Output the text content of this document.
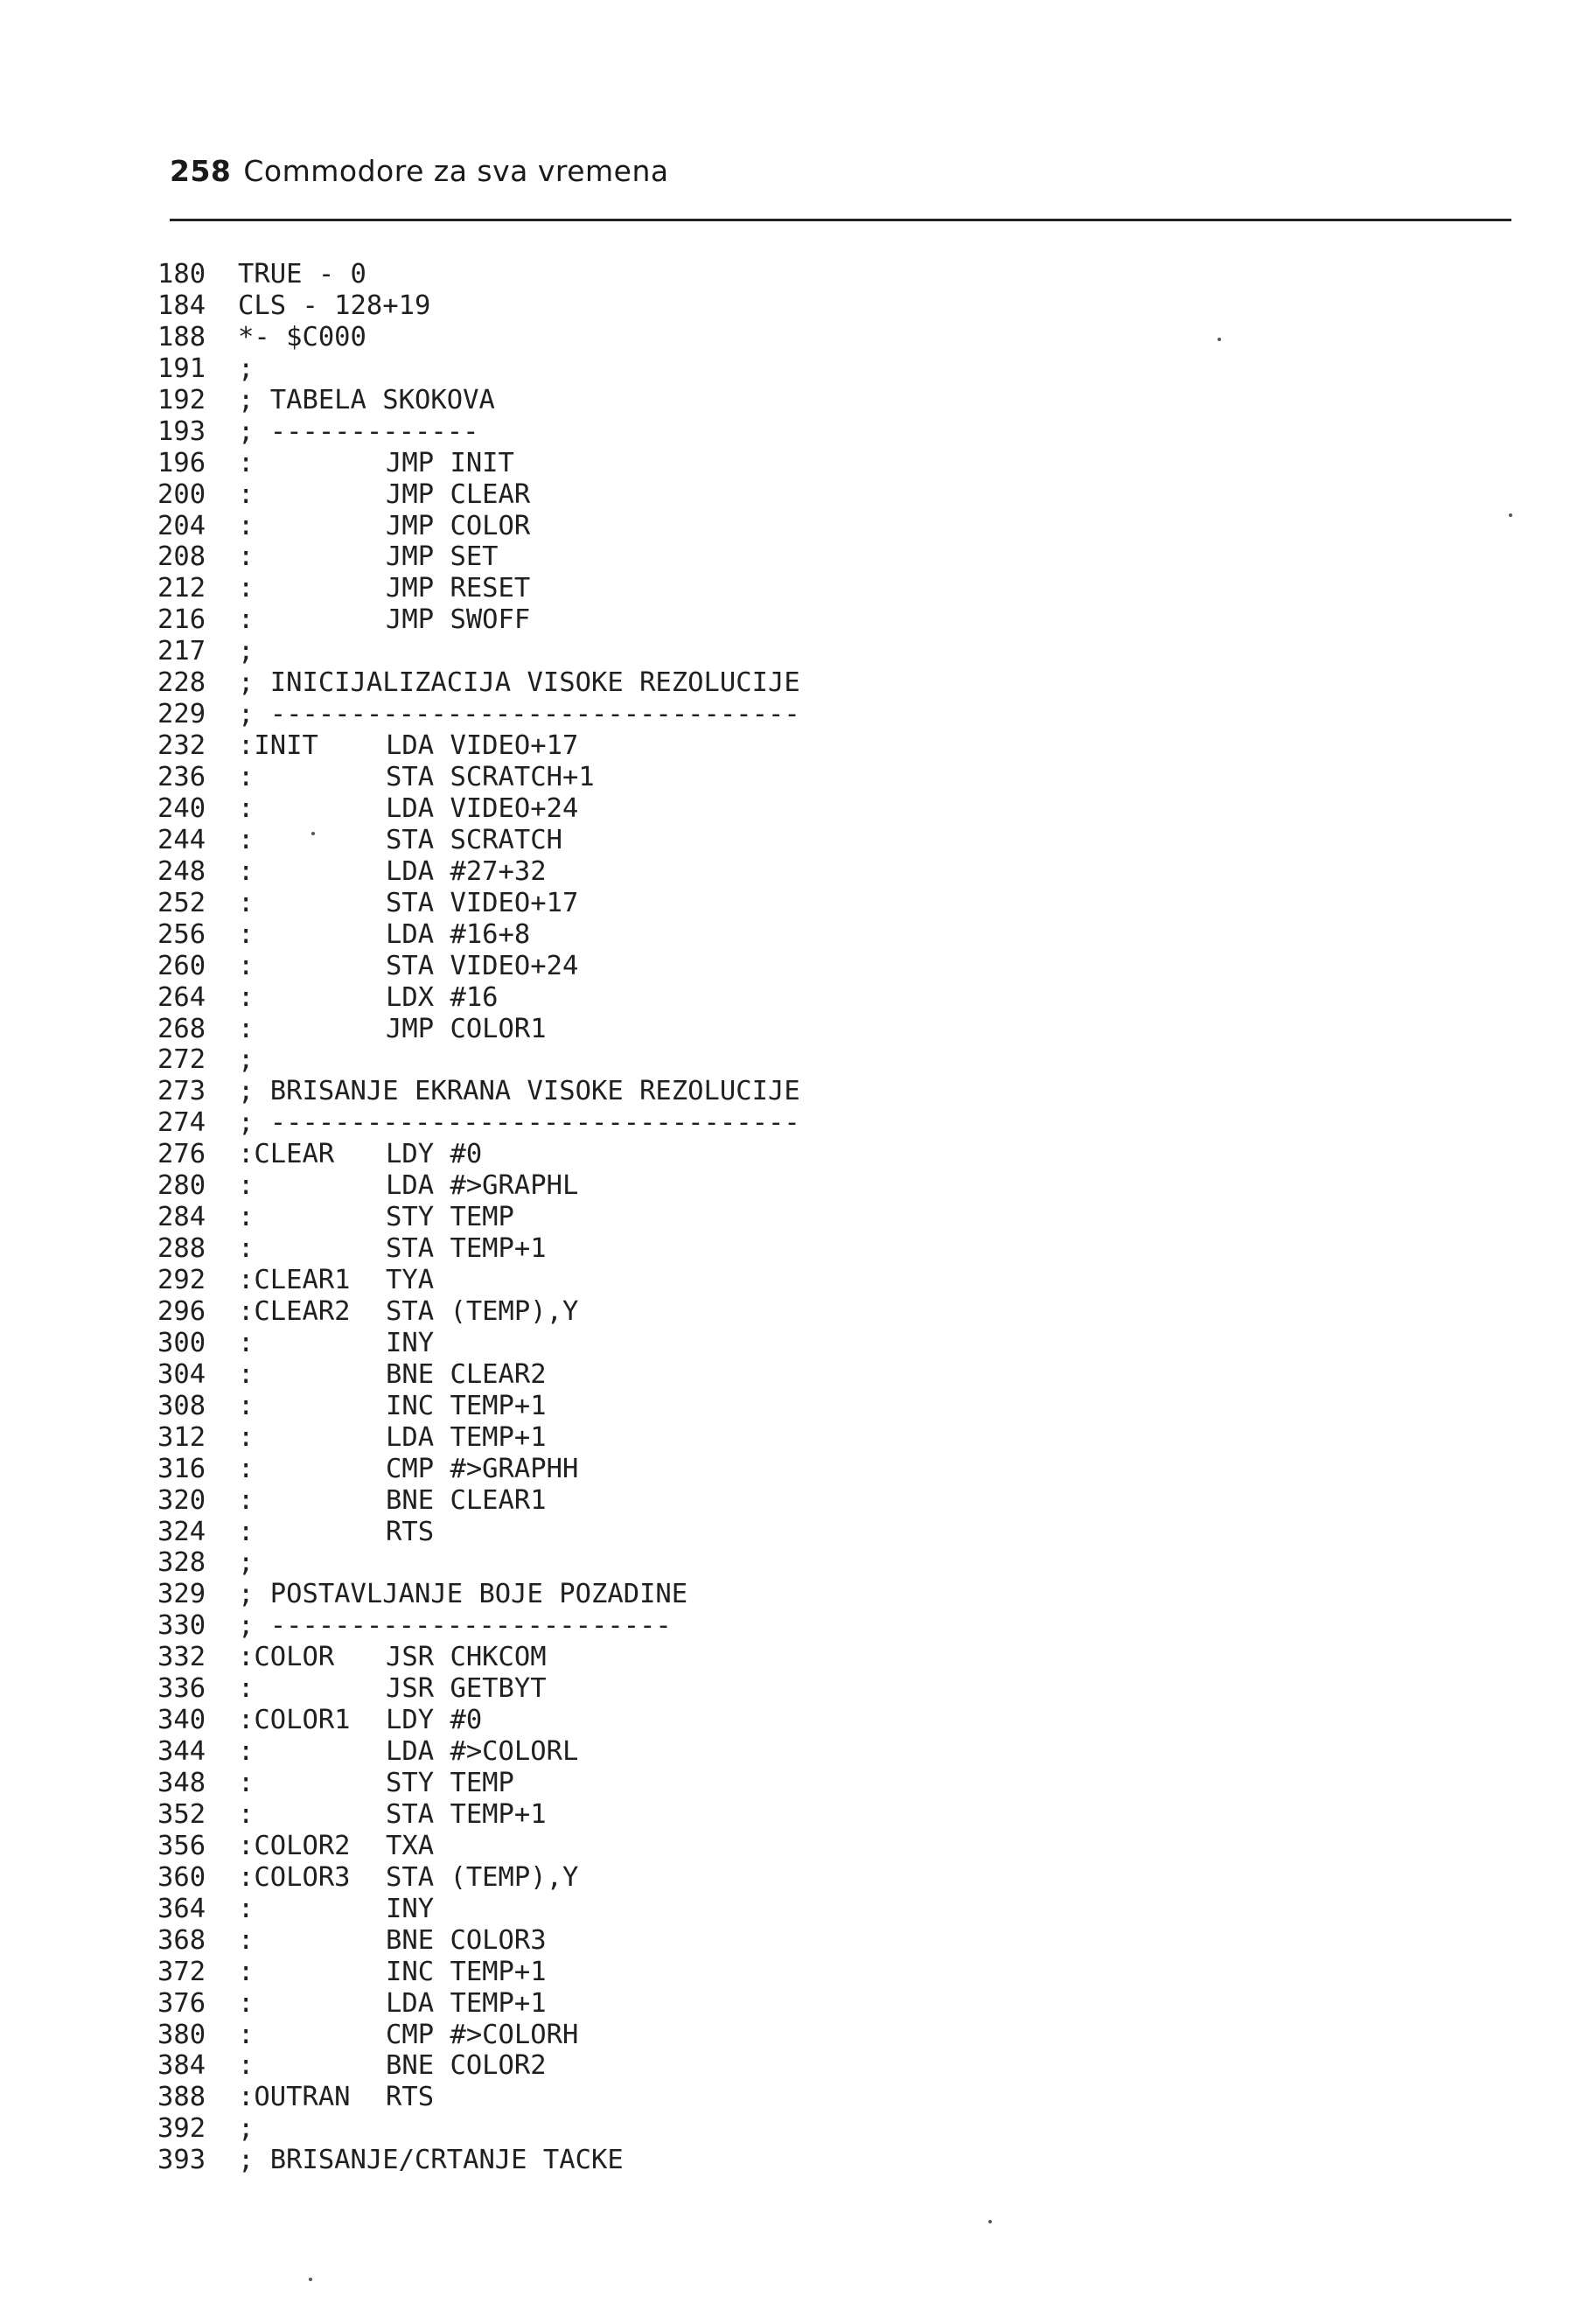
258 Commodore za sva vremena
180 TRUE - 0
184 CLS - 128+19
188 *- $C000
191 ;
192 ; TABELA SKOKOVA
193 ; -------------
196 :	JMP INIT
200 :	JMP CLEAR
204 :	JMP COLOR
208 :	JMP SET
212 :	JMP RESET
216 :	JMP SWOFF
217 ;
228 ; INICIJALIZACIJA VISOKE REZOLUCIJE
229 ; ---------------------------------
232 :INIT	LDA VIDEO+17
236 :	STA SCRATCH+1
240 :	LDA VIDEO+24
244 :	STA SCRATCH
248 :	LDA #27+32
252 :	STA VIDEO+17
256 :	LDA #16+8
260 :	STA VIDEO+24
264 :	LDX #16
268 :	JMP COLOR1
272 ;
273 ; BRISANJE EKRANA VISOKE REZOLUCIJE
274 ; ---------------------------------
276 :CLEAR LDY #0
280 :	LDA #>GRAPHL
284 :	STY TEMP
288 :	STA TEMP+1
292 :CLEAR1 TYA
296 :CLEAR2 STA (TEMP),Y
300 :	INY
304 :	BNE CLEAR2
308 :	INC TEMP+1
312 :	LDA TEMP+1
316 :	CMP #>GRAPHH
320 :	BNE CLEAR1
324 :	RTS
328 ;
329 ; POSTAVLJANJE BOJE POZADINE
330 ; -------------------------
332 :COLOR JSR CHKCOM
336 :	JSR GETBYT
340 :COLOR1 LDY #0
344 :	LDA #>COLORL
348 :	STY TEMP
352 :	STA TEMP+1
356 :COLOR2 TXA
360 :COLOR3 STA (TEMP),Y
364 :	INY
368 :	BNE COLOR3
372 :	INC TEMP+1
376 :	LDA TEMP+1
380 :	CMP #>COLORH
384 :	BNE COLOR2
388 :OUTRAN RTS
392 ;
393 ; BRISANJE/CRTANJE TACKE
